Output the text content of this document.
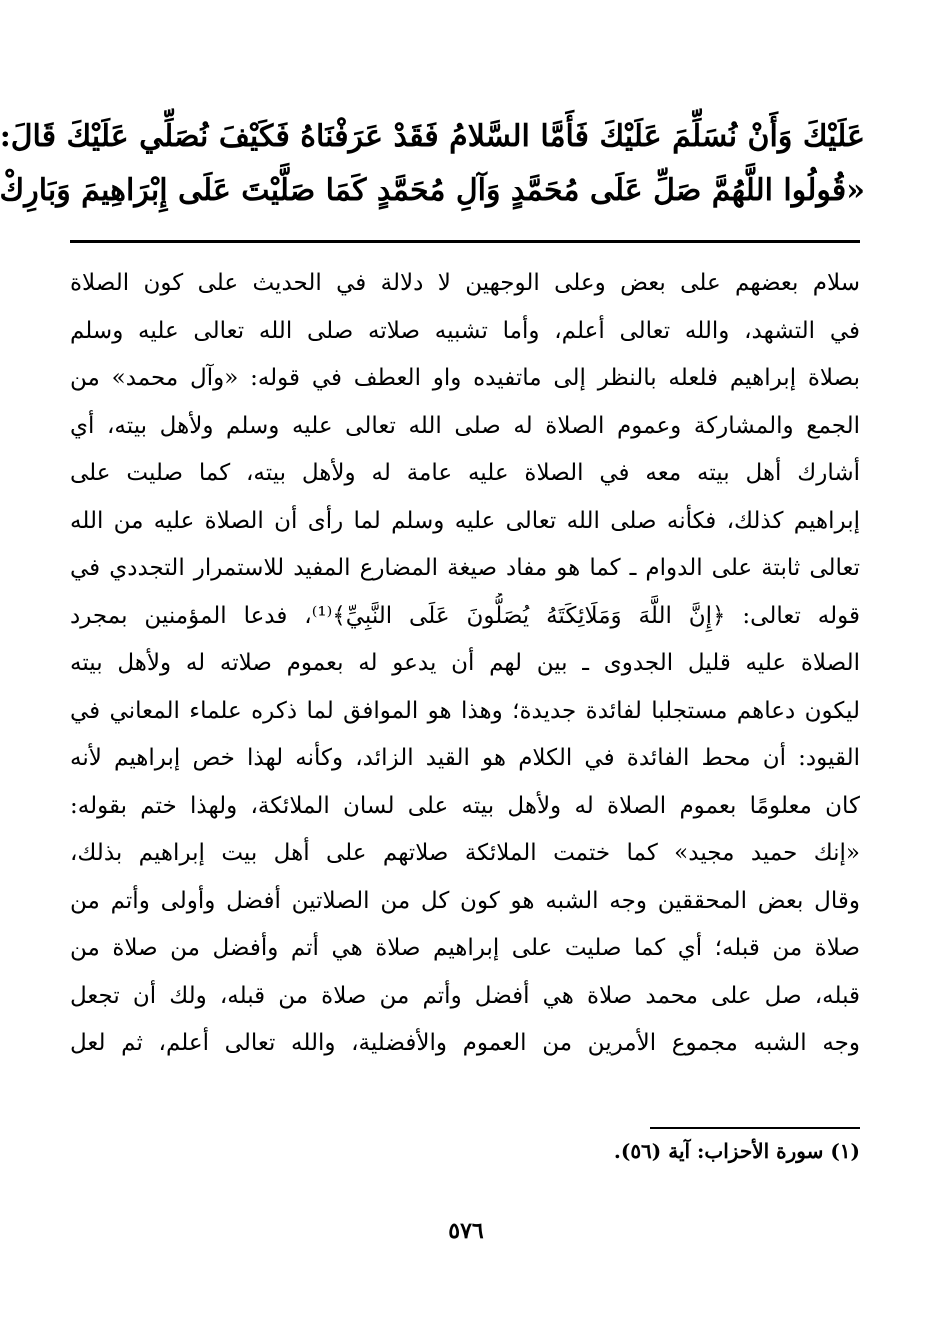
عَلَيْكَ وَأَنْ نُسَلِّمَ عَلَيْكَ فَأَمَّا السَّلامُ فَقَدْ عَرَفْنَاهُ فَكَيْفَ نُصَلِّي عَلَيْكَ قَالَ:
«قُولُوا اللَّهُمَّ صَلِّ عَلَى مُحَمَّدٍ وَآلِ مُحَمَّدٍ كَمَا صَلَّيْتَ عَلَى إِبْرَاهِيمَ وَبَارِكْ
سلام بعضهم على بعض وعلى الوجهين لا دلالة في الحديث على كون الصلاة
في التشهد، والله تعالى أعلم، وأما تشبيه صلاته صلى الله تعالى عليه وسلم
بصلاة إبراهيم فلعله بالنظر إلى ماتفيده واو العطف في قوله: «وآل محمد» من
الجمع والمشاركة وعموم الصلاة له صلى الله تعالى عليه وسلم ولأهل بيته، أي
أشارك أهل بيته معه في الصلاة عليه عامة له ولأهل بيته، كما صليت على
إبراهيم كذلك، فكأنه صلى الله تعالى عليه وسلم لما رأى أن الصلاة عليه من الله
تعالى ثابتة على الدوام ـ كما هو مفاد صيغة المضارع المفيد للاستمرار التجددي في
قوله تعالى: ﴿إِنَّ اللَّهَ وَمَلَائِكَتَهُ يُصَلُّونَ عَلَى النَّبِيِّ﴾⁽¹⁾، فدعا المؤمنين بمجرد
الصلاة عليه قليل الجدوى ـ بين لهم أن يدعو له بعموم صلاته له ولأهل بيته
ليكون دعاهم مستجلبا لفائدة جديدة؛ وهذا هو الموافق لما ذكره علماء المعاني في
القيود: أن محط الفائدة في الكلام هو القيد الزائد، وكأنه لهذا خص إبراهيم لأنه
كان معلومًا بعموم الصلاة له ولأهل بيته على لسان الملائكة، ولهذا ختم بقوله:
«إنك حميد مجيد» كما ختمت الملائكة صلاتهم على أهل بيت إبراهيم بذلك،
وقال بعض المحققين وجه الشبه هو كون كل من الصلاتين أفضل وأولى وأتم من
صلاة من قبله؛ أي كما صليت على إبراهيم صلاة هي أتم وأفضل من صلاة من
قبله، صل على محمد صلاة هي أفضل وأتم من صلاة من قبله، ولك أن تجعل
وجه الشبه مجموع الأمرين من العموم والأفضلية، والله تعالى أعلم، ثم لعل
(١) سورة الأحزاب: آية (٥٦).
٥٧٦
